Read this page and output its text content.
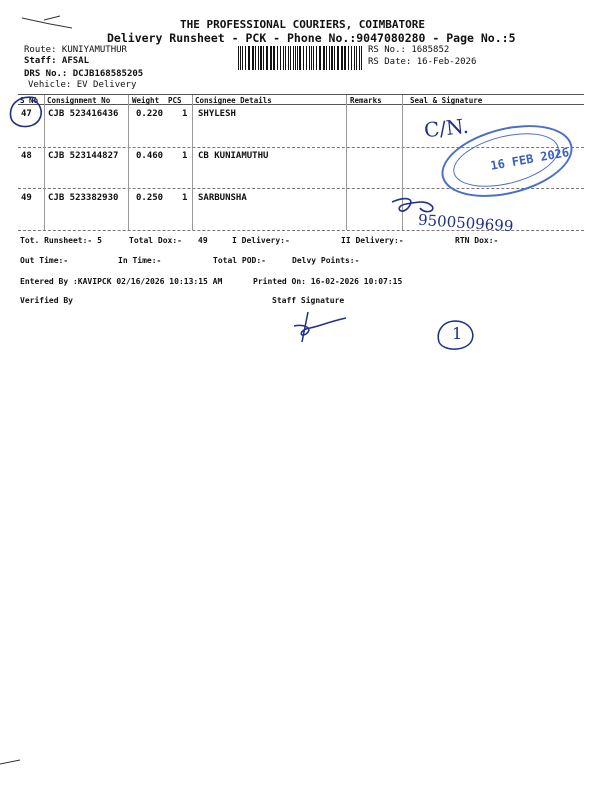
THE PROFESSIONAL COURIERS, COIMBATORE
Delivery Runsheet - PCK - Phone No.:9047080280 - Page No.:5
Route: KUNIYAMUTHUR
Staff: AFSAL
DRS No.: DCJB168585205
Vehicle: EV Delivery
RS No.: 1685852
RS Date: 16-Feb-2026
S No Consignment No	Weight PCS Consignee Details	Remarks	Seal & Signature
47 CJB 523416436 0.220 1 SHYLESH
48 CJB 523144827 0.460 1 CB KUNIAMUTHU
49 CJB 523382930 0.250 1 SARBUNSHA
C/N.
16 FEB 2026
9500509699
Tot. Runsheet:- 5	Total Dox:- 49	I Delivery:-	II Delivery:-	RTN Dox:-
Out Time:-	In Time:-	Total POD:-	Delvy Points:-
Entered By :KAVIPCK 02/16/2026 10:13:15 AM	Printed On: 16-02-2026 10:07:15
Verified By	Staff Signature
1
